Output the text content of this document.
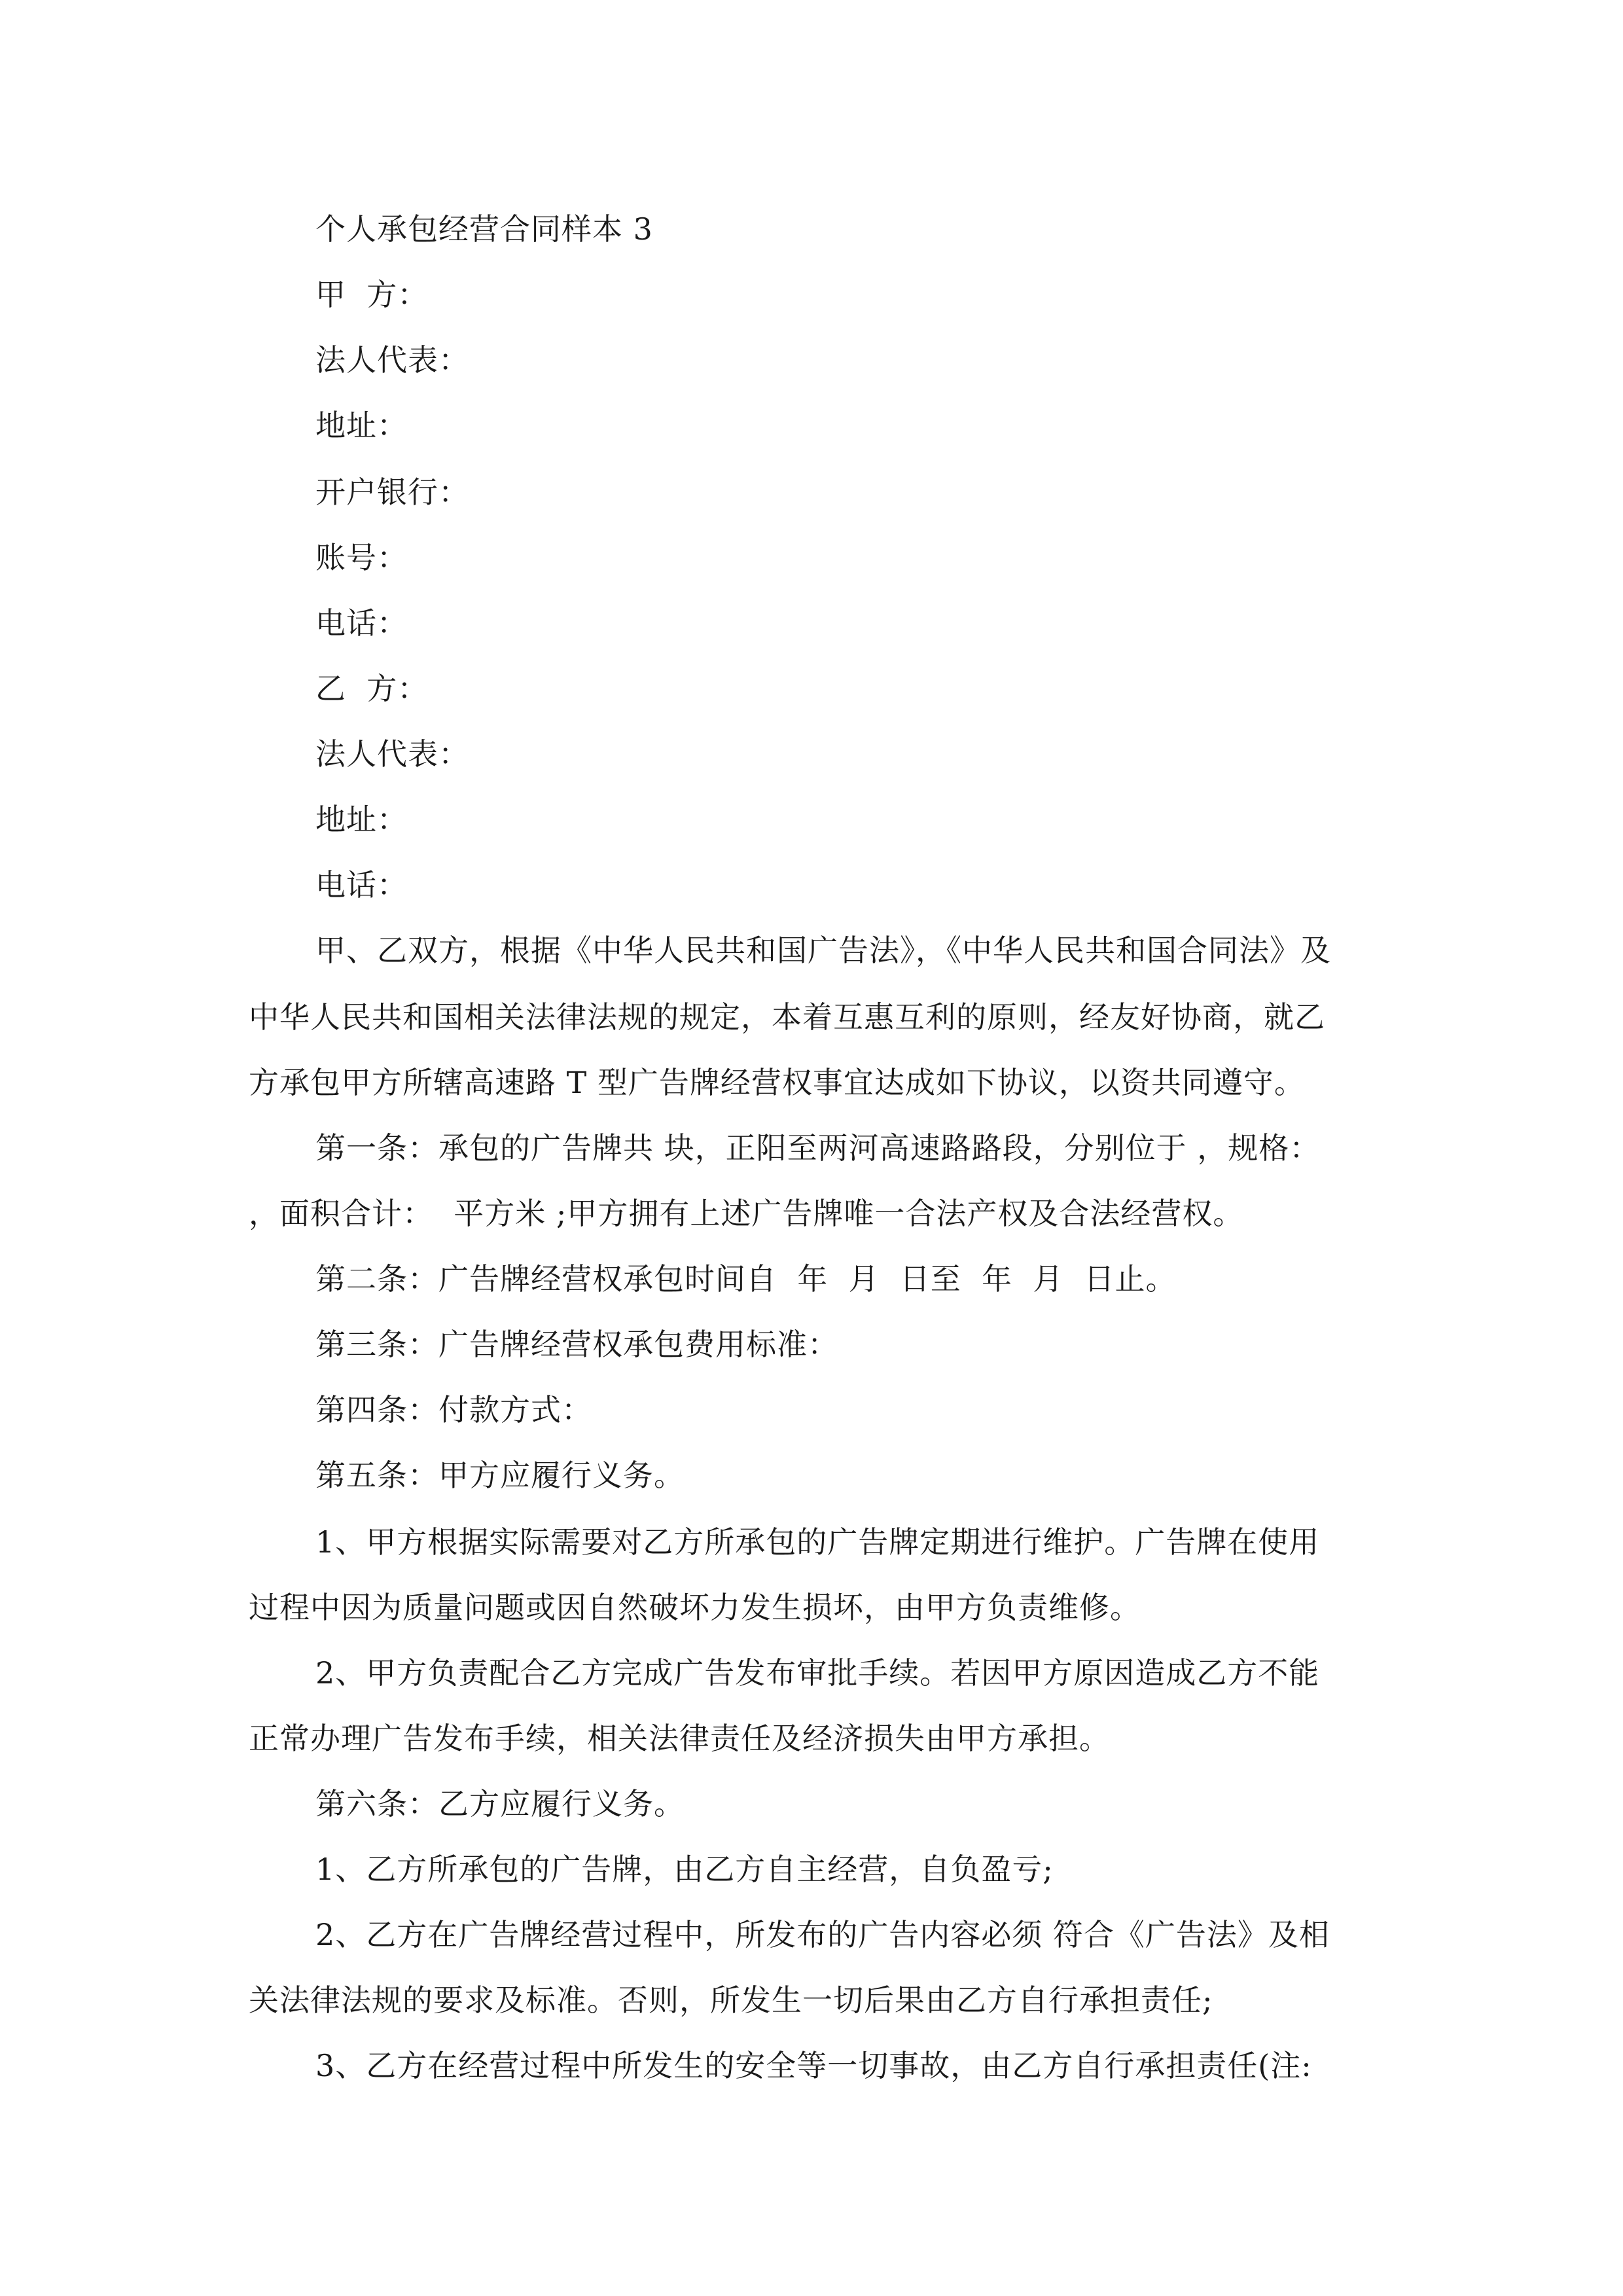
个人承包经营合同样本 3
甲  方：
法人代表：
地址：
开户银行：
账号：
电话：
乙  方：
法人代表：
地址：
电话：
甲、乙双方，根据《中华人民共和国广告法》，《中华人民共和国合同法》及
中华人民共和国相关法律法规的规定，本着互惠互利的原则，经友好协商，就乙
方承包甲方所辖高速路 T 型广告牌经营权事宜达成如下协议，以资共同遵守。
第一条：承包的广告牌共 块，正阳至两河高速路路段，分别位于 ，规格：
，面积合计：  平方米 ;甲方拥有上述广告牌唯一合法产权及合法经营权。
第二条：广告牌经营权承包时间自  年  月  日至  年  月  日止。
第三条：广告牌经营权承包费用标准：
第四条：付款方式：
第五条：甲方应履行义务。
1、甲方根据实际需要对乙方所承包的广告牌定期进行维护。广告牌在使用
过程中因为质量问题或因自然破坏力发生损坏，由甲方负责维修。
2、甲方负责配合乙方完成广告发布审批手续。若因甲方原因造成乙方不能
正常办理广告发布手续，相关法律责任及经济损失由甲方承担。
第六条：乙方应履行义务。
1、乙方所承包的广告牌，由乙方自主经营，自负盈亏;
2、乙方在广告牌经营过程中，所发布的广告内容必须 符合《广告法》及相
关法律法规的要求及标准。否则，所发生一切后果由乙方自行承担责任;
3、乙方在经营过程中所发生的安全等一切事故，由乙方自行承担责任(注:
